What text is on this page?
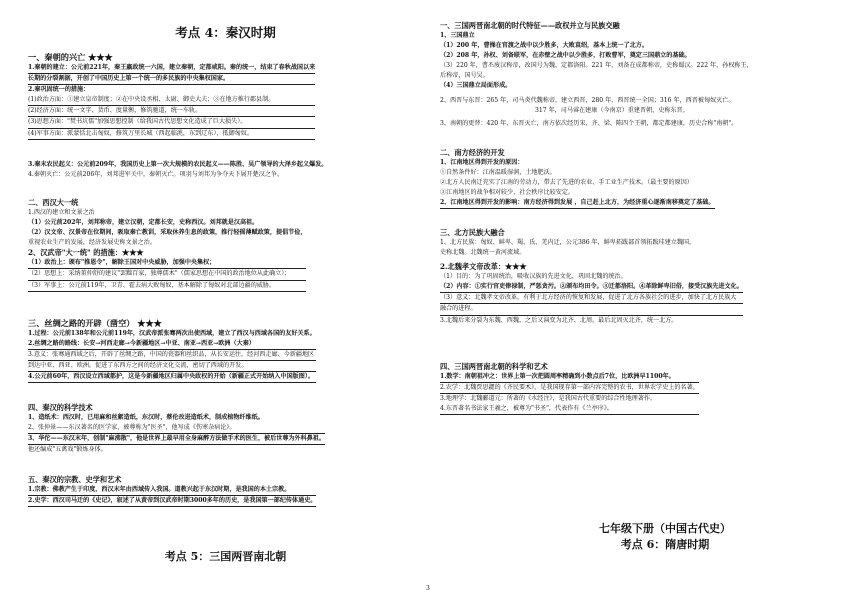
考点 4：秦汉时期

一、秦朝的兴亡 ★★★

1.秦朝的建立：公元前221年，秦王嬴政统一六国，建立秦朝，定都咸阳。秦的统一，结束了春秋战国以来

长期的分裂割据，开创了中国历史上第一个统一的多民族的中央集权国家。

2.秦巩固统一的措施：

(1)政治方面：①建立皇帝制度；②在中央设丞相、太尉、御史大夫；③在地方推行郡县制。

(2)经济方面：统一文字、货币、度量衡，修筑驰道，统一车轨。

(3)思想方面："焚书坑儒"加强思想控制（给我国古代思想文化造成了巨大损失）。

(4)军事方面：派蒙恬北击匈奴，修筑万里长城（西起临洮，东到辽东），抵御匈奴。

3.秦末农民起义：公元前209年，我国历史上第一次大规模的农民起义——陈胜、吴广领导的大泽乡起义爆发。

4.秦朝灭亡：公元前206年，刘邦进军关中，秦朝灭亡。项羽与刘邦为争夺天下展开楚汉之争。

二、西汉大一统

1.西汉的建立和文景之治

（1）公元前202年，刘邦称帝，建立汉朝，定都长安，史称西汉。刘邦就是汉高祖。

（2）汉文帝、汉景帝在位期间，吸取秦亡教训，采取休养生息的政策，推行轻徭薄赋政策，提倡节俭，

重视农业生产的发展，经济发展史称文景之治。

2、汉武帝"大一统" 的措施：★★★

（1）政治上：颁布"推恩令"，解除王国对中央威胁，加强中央集权；

（2）思想上：采纳董仲舒的建议"罢黜百家，独尊儒术"（儒家思想在中国的政治地位从此确立）；

（3）军事上：公元前119年，卫青、霍去病大败匈奴，基本解除了匈奴对北部边疆的威胁。

三、丝绸之路的开辟（凿空） ★★★

1.过程：公元前138年和公元前119年，汉武帝派张骞两次出使西域，建立了西汉与西域各国的友好关系。

2.丝绸之路的路线：长安→河西走廊→今新疆地区→中亚、南亚→西亚→欧洲（大秦）

3.意义：张骞通西域之后，开辟了丝绸之路，中国的瓷器和丝织品，从长安运往，经河西走廊、今新疆地区

到达中亚、西亚、欧洲。促进了东西方之间的经济文化交流，密切了西域的开发。

4.公元前60年，西汉设立西域都护，这是今新疆地区归属中央政权的开始（新疆正式开始纳入中国版图）。

四、秦汉的科学技术

1、造纸术：西汉时，已用麻和丝絮造纸，东汉时，蔡伦改进造纸术，制成植物纤维纸。

2、张仲景——东汉著名的医学家，被尊称为"医圣"，他写成《伤寒杂病论》。

3、华佗——东汉末年，创制"麻沸散"，他是世界上最早用全身麻醉方法做手术的医生，被后世尊为外科鼻祖。

他还编成"五禽戏"锻炼身体。

五、秦汉的宗教、史学和艺术

1.宗教：佛教产生于印度，西汉末年由西域传入我国。道教兴起于东汉时期，是我国的本土宗教。

2.史学：西汉司马迁的《史记》，叙述了从黄帝到汉武帝时期3000多年的历史，是我国第一部纪传体通史。

考点 5：三国两晋南北朝

一、三国两晋南北朝的时代特征——政权并立与民族交融

1、三国鼎立

（1）200 年，曹操在官渡之战中以少胜多，大败袁绍，基本上统一了北方。

（2）208 年，孙权、刘备联军，在赤壁之战中以少胜多，打败曹军，奠定三国鼎立的基础。

（3）220 年，曹丕废汉称帝，改国号为魏，定都洛阳。221 年，刘备在成都称帝，史称蜀汉。222 年，孙权称王，

后称帝，国号吴。

（4）三国鼎立局面形成。

2、西晋与东晋：265 年，司马炎代魏称帝，建立西晋，280 年，西晋统一全国；316 年，西晋被匈奴灭亡。

317 年，司马睿在建康（今南京）重建晋朝，史称东晋。

3、南朝的更替：420 年，东晋灭亡，南方依次经历宋、齐、梁、陈四个王朝，都定都建康，历史合称"南朝"。

二、南方经济的开发

1、江南地区得到开发的原因：

①自然条件好：江南温暖湿润，土地肥沃。

②北方人民南迁充实了江南的劳动力，带去了先进的农业、手工业生产技术。（最主要的原因）

③江南地区的战争相对较少，社会秩序比较安定。

2、江南地区得到开发的影响：南方经济得到发展 ，自己赶上北方，为经济重心逐渐南移奠定了基础。

三、北方民族大融合

1、北方民族：匈奴、鲜卑、羯、氐、羌内迁，公元386 年，鲜卑拓跋部首领拓跋珪建立魏国，

史称北魏。北魏统一黄河流域。

2.北魏孝文帝改革：★★★

（1）目的：为了巩固统治，吸收汉族的先进文化，巩固北魏的统治。

（2）内容：①实行官吏俸禄制，严惩贪污。②颁布均田令。③迁都洛阳。④革除鲜卑旧俗，接受汉族先进文化。

（3）意义：北魏孝文帝改革，有利于北方经济的恢复和发展，促进了北方各族社会的进步，加快了北方民族大

融合的进程。

3.北魏后来分裂为东魏、西魏，之后又演变为北齐、北周。最后北周灭北齐，统一北方。

四、三国两晋南北朝的科学和艺术

1.数学：南朝祖冲之：世界上第一次把圆周率精确到小数点后7位，比欧洲早1100年。

2.农学：北魏贾思勰的《齐民要术》，是我国现存第一部内容完整的农书，世界农学史上的名著。

3.地理学：北魏郦道元：所著的《水经注》，是我国古代重要的综合性地理著作。

4.东晋著名书法家王羲之，被尊为"书圣"，代表作有《兰亭序》。

七年级下册（中国古代史）
考点 6：隋唐时期
3
